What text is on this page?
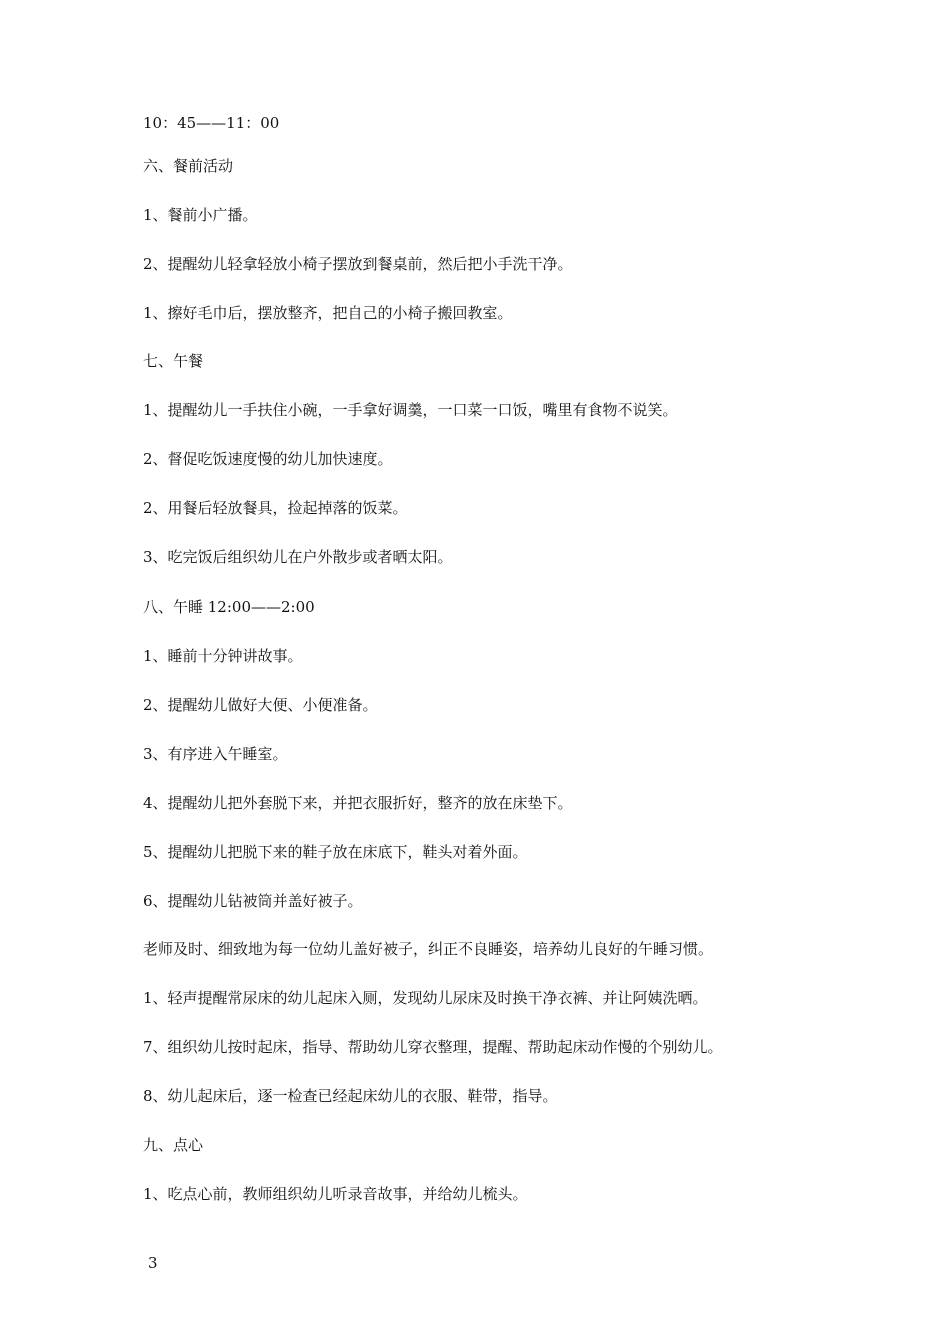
10：45——11：00
六、餐前活动
1、餐前小广播。
2、提醒幼儿轻拿轻放小椅子摆放到餐桌前，然后把小手洗干净。
1、擦好毛巾后，摆放整齐，把自己的小椅子搬回教室。
七、午餐
1、提醒幼儿一手扶住小碗，一手拿好调羹，一口菜一口饭，嘴里有食物不说笑。
2、督促吃饭速度慢的幼儿加快速度。
2、用餐后轻放餐具，捡起掉落的饭菜。
3、吃完饭后组织幼儿在户外散步或者晒太阳。
八、午睡 12:00——2:00
1、睡前十分钟讲故事。
2、提醒幼儿做好大便、小便准备。
3、有序进入午睡室。
4、提醒幼儿把外套脱下来，并把衣服折好，整齐的放在床垫下。
5、提醒幼儿把脱下来的鞋子放在床底下，鞋头对着外面。
6、提醒幼儿钻被筒并盖好被子。
老师及时、细致地为每一位幼儿盖好被子，纠正不良睡姿，培养幼儿良好的午睡习惯。
1、轻声提醒常尿床的幼儿起床入厕，发现幼儿尿床及时换干净衣裤、并让阿姨洗晒。
7、组织幼儿按时起床，指导、帮助幼儿穿衣整理，提醒、帮助起床动作慢的个别幼儿。
8、幼儿起床后，逐一检查已经起床幼儿的衣服、鞋带，指导。
九、点心
1、吃点心前，教师组织幼儿听录音故事，并给幼儿梳头。
3
